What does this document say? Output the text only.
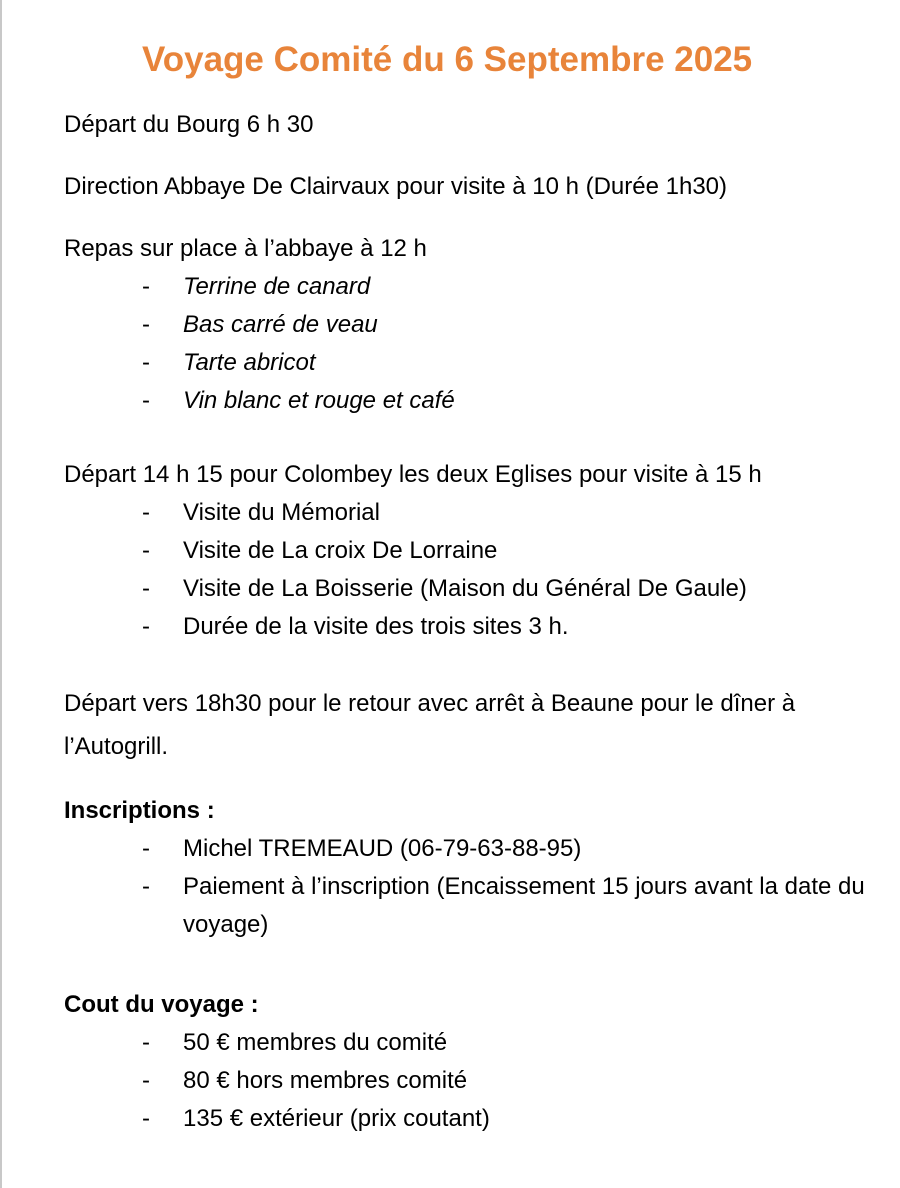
Voyage Comité du 6 Septembre 2025

Départ du Bourg 6 h 30

Direction Abbaye De Clairvaux pour visite à 10 h (Durée 1h30)

Repas sur place à l’abbaye à 12 h

- Terrine de canard
- Bas carré de veau
- Tarte abricot
- Vin blanc et rouge et café

Départ 14 h 15 pour Colombey les deux Eglises pour visite à 15 h

- Visite du Mémorial
- Visite de La croix De Lorraine
- Visite de La Boisserie (Maison du Général De Gaule)
- Durée de la visite des trois sites 3 h.

Départ vers 18h30 pour le retour avec arrêt à Beaune pour le dîner à l’Autogrill.

Inscriptions :

- Michel TREMEAUD (06-79-63-88-95)
- Paiement à l’inscription (Encaissement 15 jours avant la date du voyage)

Cout du voyage :

- 50 € membres du comité
- 80 € hors membres comité
- 135 € extérieur (prix coutant)
